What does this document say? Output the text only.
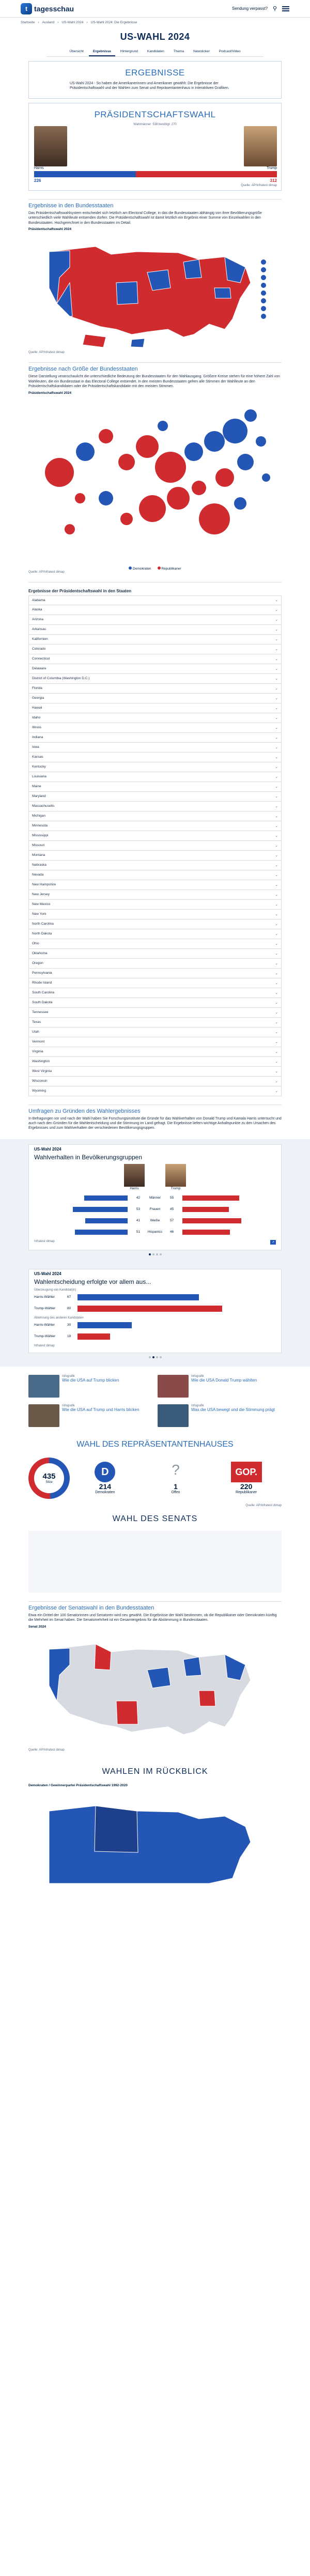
t tagesschau	Sendung verpasst? ⚲
Startseite › Ausland › US-Wahl 2024 › US-Wahl 2024: Die Ergebnisse
US-WAHL 2024
Übersicht	Ergebnisse	Hintergrund	Kandidaten	Thema	Newsticker	Podcast/Video
ERGEBNISSE

US-Wahl 2024 - So haben die Amerikanerinnen und Amerikaner gewählt: Die Ergebnisse der Präsidentschaftswahl und der Wahlen zum Senat und Repräsentantenhaus in interaktiven Grafiken.

PRÄSIDENTSCHAFTSWAHL
Wahlmänner: 538 benötigt: 270
Harris	Trump
226	312
Quelle: AP/Infratest dimap
Ergebnisse in den Bundesstaaten

Das Präsidentschaftswahlsystem entscheidet sich letztlich am Electoral College, in das die Bundesstaaten abhängig von ihrer Bevölkerungsgröße unterschiedlich viele Wahlleute entsenden dürfen. Die Präsidentschaftswahl ist damit letztlich ein Ergebnis einer Summe von Einzelwahlen in den Bundesstaaten. Hochgerechnet in den Bundesstaaten im Detail.

Präsidentschaftswahl 2024
Quelle: AP/Infratest dimap
Ergebnisse nach Größe der Bundesstaaten

Diese Darstellung veranschaulicht die unterschiedliche Bedeutung der Bundesstaaten für den Wahlausgang. Größere Kreise stehen für eine höhere Zahl von Wahlleuten, die ein Bundesstaat in das Electoral College entsendet. In den meisten Bundesstaaten gehen alle Stimmen der Wahlleute an den Präsidentschaftskandidaten oder die Präsidentschaftskandidatin mit den meisten Stimmen.

Präsidentschaftswahl 2024
Demokraten	Republikaner
Quelle: AP/Infratest dimap
Ergebnisse der Präsidentschaftswahl in den Staaten
Alabama	⌄
Alaska	⌄
Arizona	⌄
Arkansas	⌄
Kalifornien	⌄
Colorado	⌄
Connecticut	⌄
Delaware	⌄
District of Columbia (Washington D.C.)	⌄
Florida	⌄
Georgia	⌄
Hawaii	⌄
Idaho	⌄
Illinois	⌄
Indiana	⌄
Iowa	⌄
Kansas	⌄
Kentucky	⌄
Louisiana	⌄
Maine	⌄
Maryland	⌄
Massachusetts	⌄
Michigan	⌄
Minnesota	⌄
Mississippi	⌄
Missouri	⌄
Montana	⌄
Nebraska	⌄
Nevada	⌄
New Hampshire	⌄
New Jersey	⌄
New Mexico	⌄
New York	⌄
North Carolina	⌄
North Dakota	⌄
Ohio	⌄
Oklahoma	⌄
Oregon	⌄
Pennsylvania	⌄
Rhode Island	⌄
South Carolina	⌄
South Dakota	⌄
Tennessee	⌄
Texas	⌄
Utah	⌄
Vermont	⌄
Virginia	⌄
Washington	⌄
West Virginia	⌄
Wisconsin	⌄
Wyoming	⌄
Umfragen zu Gründen des Wahlergebnisses

In Befragungen vor und nach der Wahl haben Sie Forschungsinstitute die Gründe für das Wahlverhalten von Donald Trump und Kamala Harris untersucht und auch nach den Gründen für die Wahlentscheidung und die Stimmung im Land gefragt. Die Ergebnisse liefern wichtige Anhaltspunkte zu den Ursachen des Ergebnisses und zum Wahlverhalten der verschiedenen Bevölkerungsgruppen.

US-Wahl 2024
Wahlverhalten in Bevölkerungsgruppen
Harris	Trump
42	Männer	55
53	Frauen	45
41	Weiße	57
51	Hispanics	46
Infratest dimap	↗
US-Wahl 2024
Wahlentscheidung erfolgte vor allem aus...
Überzeugung von Kandidat(in)
Harris-Wähler	67
Trump-Wähler	80
Ablehnung des anderen Kandidaten
Harris-Wähler	30
Trump-Wähler	18
Infratest dimap
Infografik
Wie die USA auf Trump blicken
Infografik
Wie die USA Donald Trump wählten
Infografik
Wie die USA auf Trump und Harris blicken
Infografik
Was die USA bewegt und die Stimmung prägt
WAHL DES REPRÄSENTANTENHAUSES
435
Sitze
D
214
Demokraten
?
1
Offen
GOP.
220
Republikaner
Quelle: AP/Infratest dimap
WAHL DES SENATS
Ergebnisse der Senatswahl in den Bundesstaaten

Etwa ein Drittel der 100 Senatorinnen und Senatoren wird neu gewählt. Die Ergebnisse der Wahl bestimmen, ob die Republikaner oder Demokraten künftig die Mehrheit im Senat haben. Die Senatsmehrheit ist ein Gesamtergebnis für die Abstimmung in Bundesstaaten.

Senat 2024
Quelle: AP/Infratest dimap
WAHLEN IM RÜCKBLICK
Demokraten / Gewinnerpartei Präsidentschaftswahl 1992-2020
